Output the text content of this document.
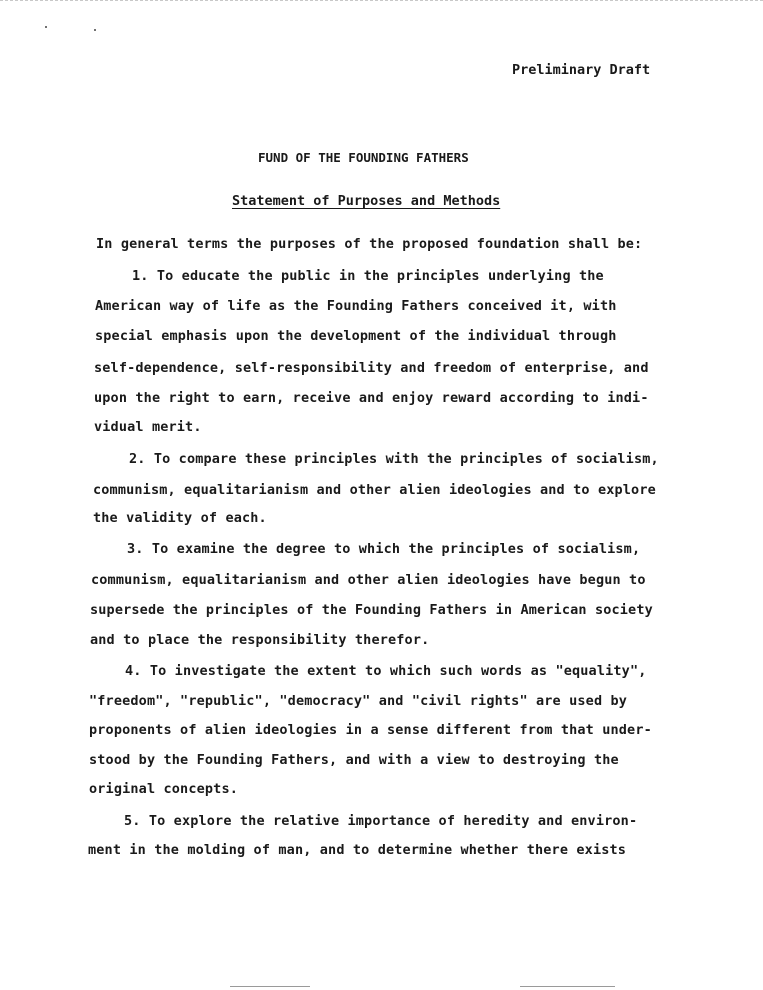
Preliminary Draft
FUND OF THE FOUNDING FATHERS
Statement of Purposes and Methods
In general terms the purposes of the proposed foundation shall be:
1. To educate the public in the principles underlying the
American way of life as the Founding Fathers conceived it, with
special emphasis upon the development of the individual through
self-dependence, self-responsibility and freedom of enterprise, and
upon the right to earn, receive and enjoy reward according to indi-
vidual merit.
2. To compare these principles with the principles of socialism,
communism, equalitarianism and other alien ideologies and to explore
the validity of each.
3. To examine the degree to which the principles of socialism,
communism, equalitarianism and other alien ideologies have begun to
supersede the principles of the Founding Fathers in American society
and to place the responsibility therefor.
4. To investigate the extent to which such words as "equality",
"freedom", "republic", "democracy" and "civil rights" are used by
proponents of alien ideologies in a sense different from that under-
stood by the Founding Fathers, and with a view to destroying the
original concepts.
5. To explore the relative importance of heredity and environ-
ment in the molding of man, and to determine whether there exists
